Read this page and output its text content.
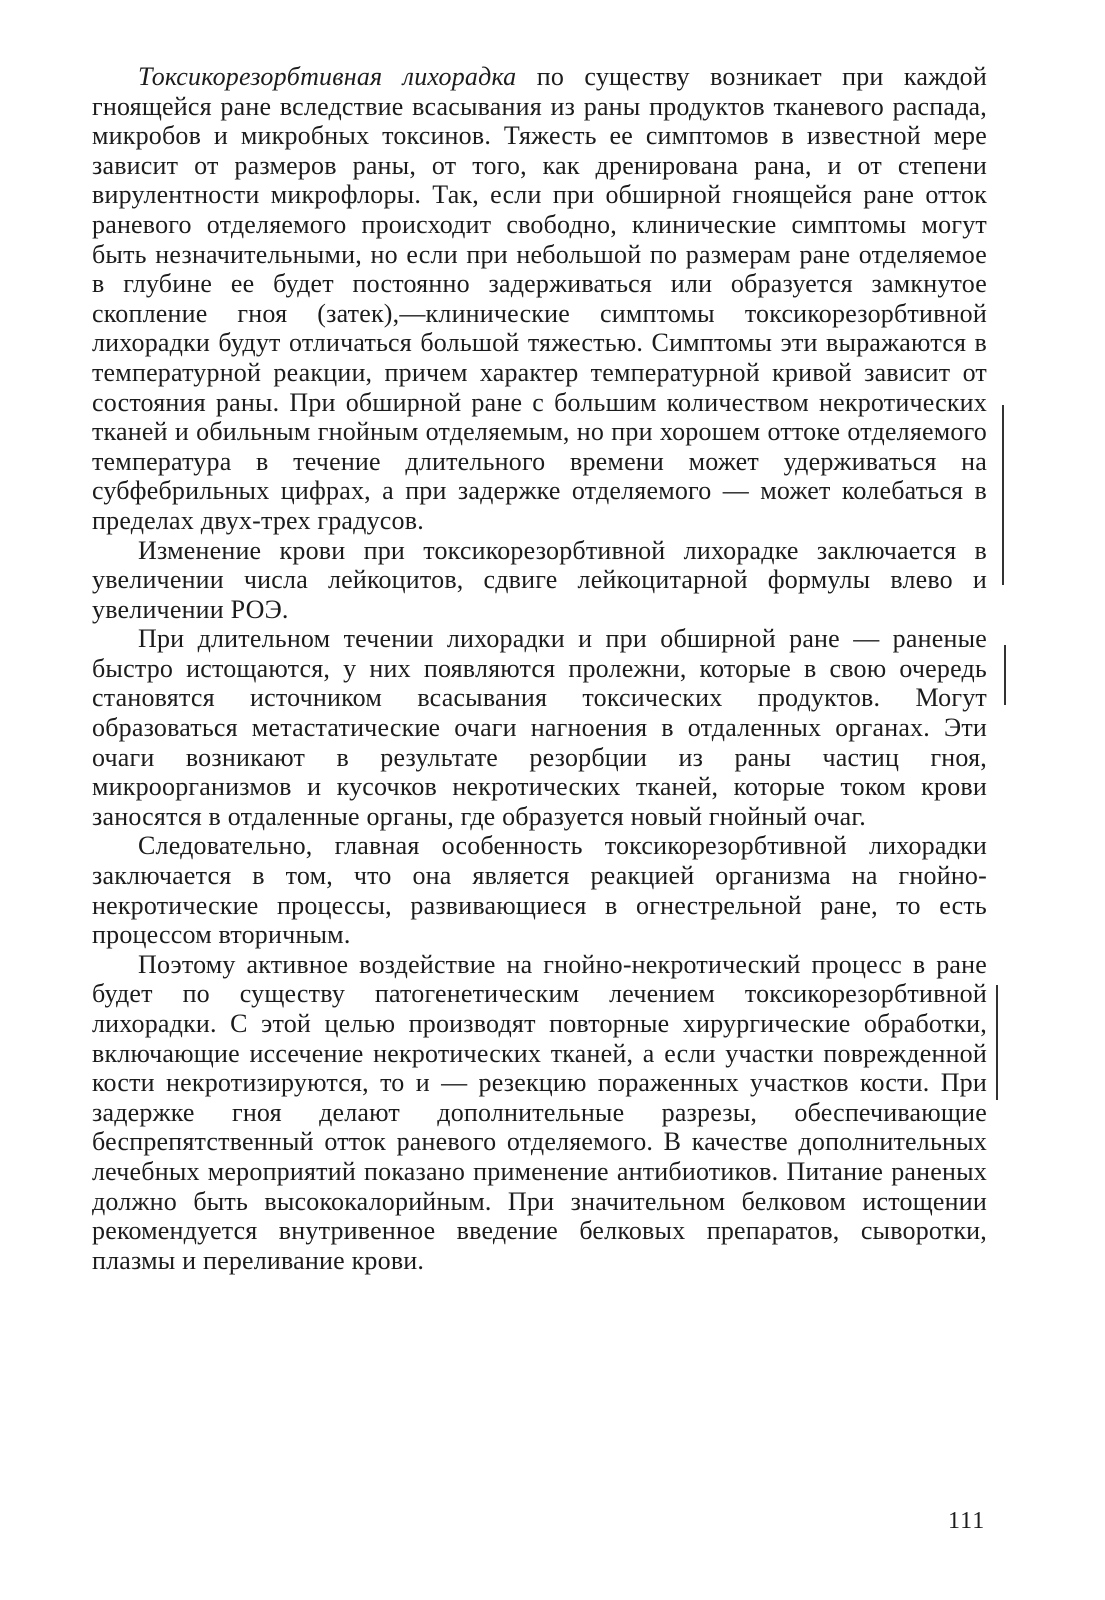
Токсикорезорбтивная лихорадка по существу возникает при каждой гноящейся ране вследствие всасывания из раны продуктов тканевого распада, микробов и микробных токсинов. Тяжесть ее симптомов в известной мере зависит от размеров раны, от того, как дренирована рана, и от степени вирулентности микрофлоры. Так, если при обширной гноящейся ране отток раневого отделяемого происходит свободно, клинические симптомы могут быть незначительными, но если при небольшой по размерам ране отделяемое в глубине ее будет постоянно задерживаться или образуется замкнутое скопление гноя (затек),—клинические симптомы токсикорезорбтивной лихорадки будут отличаться большой тяжестью. Симптомы эти выражаются в температурной реакции, причем характер температурной кривой зависит от состояния раны. При обширной ране с большим количеством некротических тканей и обильным гнойным отделяемым, но при хорошем оттоке отделяемого температура в течение длительного времени может удерживаться на субфебрильных цифрах, а при задержке отделяемого — может колебаться в пределах двух-трех градусов.

Изменение крови при токсикорезорбтивной лихорадке заключается в увеличении числа лейкоцитов, сдвиге лейкоцитарной формулы влево и увеличении РОЭ.

При длительном течении лихорадки и при обширной ране — раненые быстро истощаются, у них появляются пролежни, которые в свою очередь становятся источником всасывания токсических продуктов. Могут образоваться метастатические очаги нагноения в отдаленных органах. Эти очаги возникают в результате резорбции из раны частиц гноя, микроорганизмов и кусочков некротических тканей, которые током крови заносятся в отдаленные органы, где образуется новый гнойный очаг.

Следовательно, главная особенность токсикорезорбтивной лихорадки заключается в том, что она является реакцией организма на гнойно-некротические процессы, развивающиеся в огнестрельной ране, то есть процессом вторичным.

Поэтому активное воздействие на гнойно-некротический процесс в ране будет по существу патогенетическим лечением токсикорезорбтивной лихорадки. С этой целью производят повторные хирургические обработки, включающие иссечение некротических тканей, а если участки поврежденной кости некротизируются, то и — резекцию пораженных участков кости. При задержке гноя делают дополнительные разрезы, обеспечивающие беспрепятственный отток раневого отделяемого. В качестве дополнительных лечебных мероприятий показано применение антибиотиков. Питание раненых должно быть высококалорийным. При значительном белковом истощении рекомендуется внутривенное введение белковых препаратов, сыворотки, плазмы и переливание крови.

111
